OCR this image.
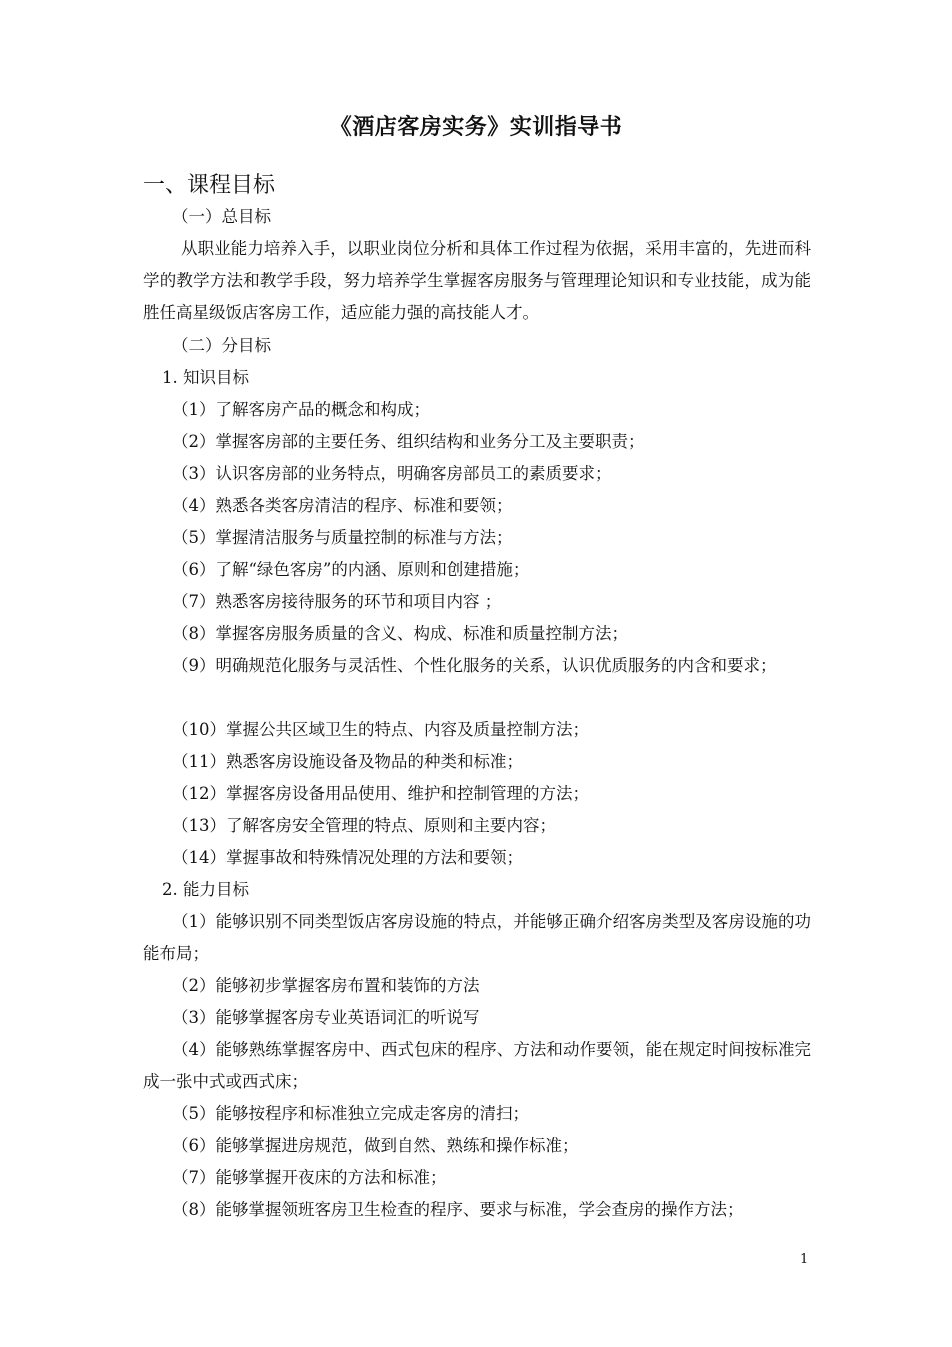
《酒店客房实务》实训指导书
一、课程目标
（一）总目标
从职业能力培养入手，以职业岗位分析和具体工作过程为依据，采用丰富的，先进而科学的教学方法和教学手段，努力培养学生掌握客房服务与管理理论知识和专业技能，成为能胜任高星级饭店客房工作，适应能力强的高技能人才。
（二）分目标
1. 知识目标
（1）了解客房产品的概念和构成；
（2）掌握客房部的主要任务、组织结构和业务分工及主要职责；
（3）认识客房部的业务特点，明确客房部员工的素质要求；
（4）熟悉各类客房清洁的程序、标准和要领；
（5）掌握清洁服务与质量控制的标准与方法；
（6）了解“绿色客房”的内涵、原则和创建措施；
（7）熟悉客房接待服务的环节和项目内容 ；
（8）掌握客房服务质量的含义、构成、标准和质量控制方法；
（9）明确规范化服务与灵活性、个性化服务的关系，认识优质服务的内含和要求；
（10）掌握公共区域卫生的特点、内容及质量控制方法；
（11）熟悉客房设施设备及物品的种类和标准；
（12）掌握客房设备用品使用、维护和控制管理的方法；
（13）了解客房安全管理的特点、原则和主要内容；
（14）掌握事故和特殊情况处理的方法和要领；
2. 能力目标
（1）能够识别不同类型饭店客房设施的特点，并能够正确介绍客房类型及客房设施的功能布局；
（2）能够初步掌握客房布置和装饰的方法
（3）能够掌握客房专业英语词汇的听说写
（4）能够熟练掌握客房中、西式包床的程序、方法和动作要领，能在规定时间按标准完成一张中式或西式床；
（5）能够按程序和标准独立完成走客房的清扫；
（6）能够掌握进房规范，做到自然、熟练和操作标准；
（7）能够掌握开夜床的方法和标准；
（8）能够掌握领班客房卫生检查的程序、要求与标准，学会查房的操作方法；
1
